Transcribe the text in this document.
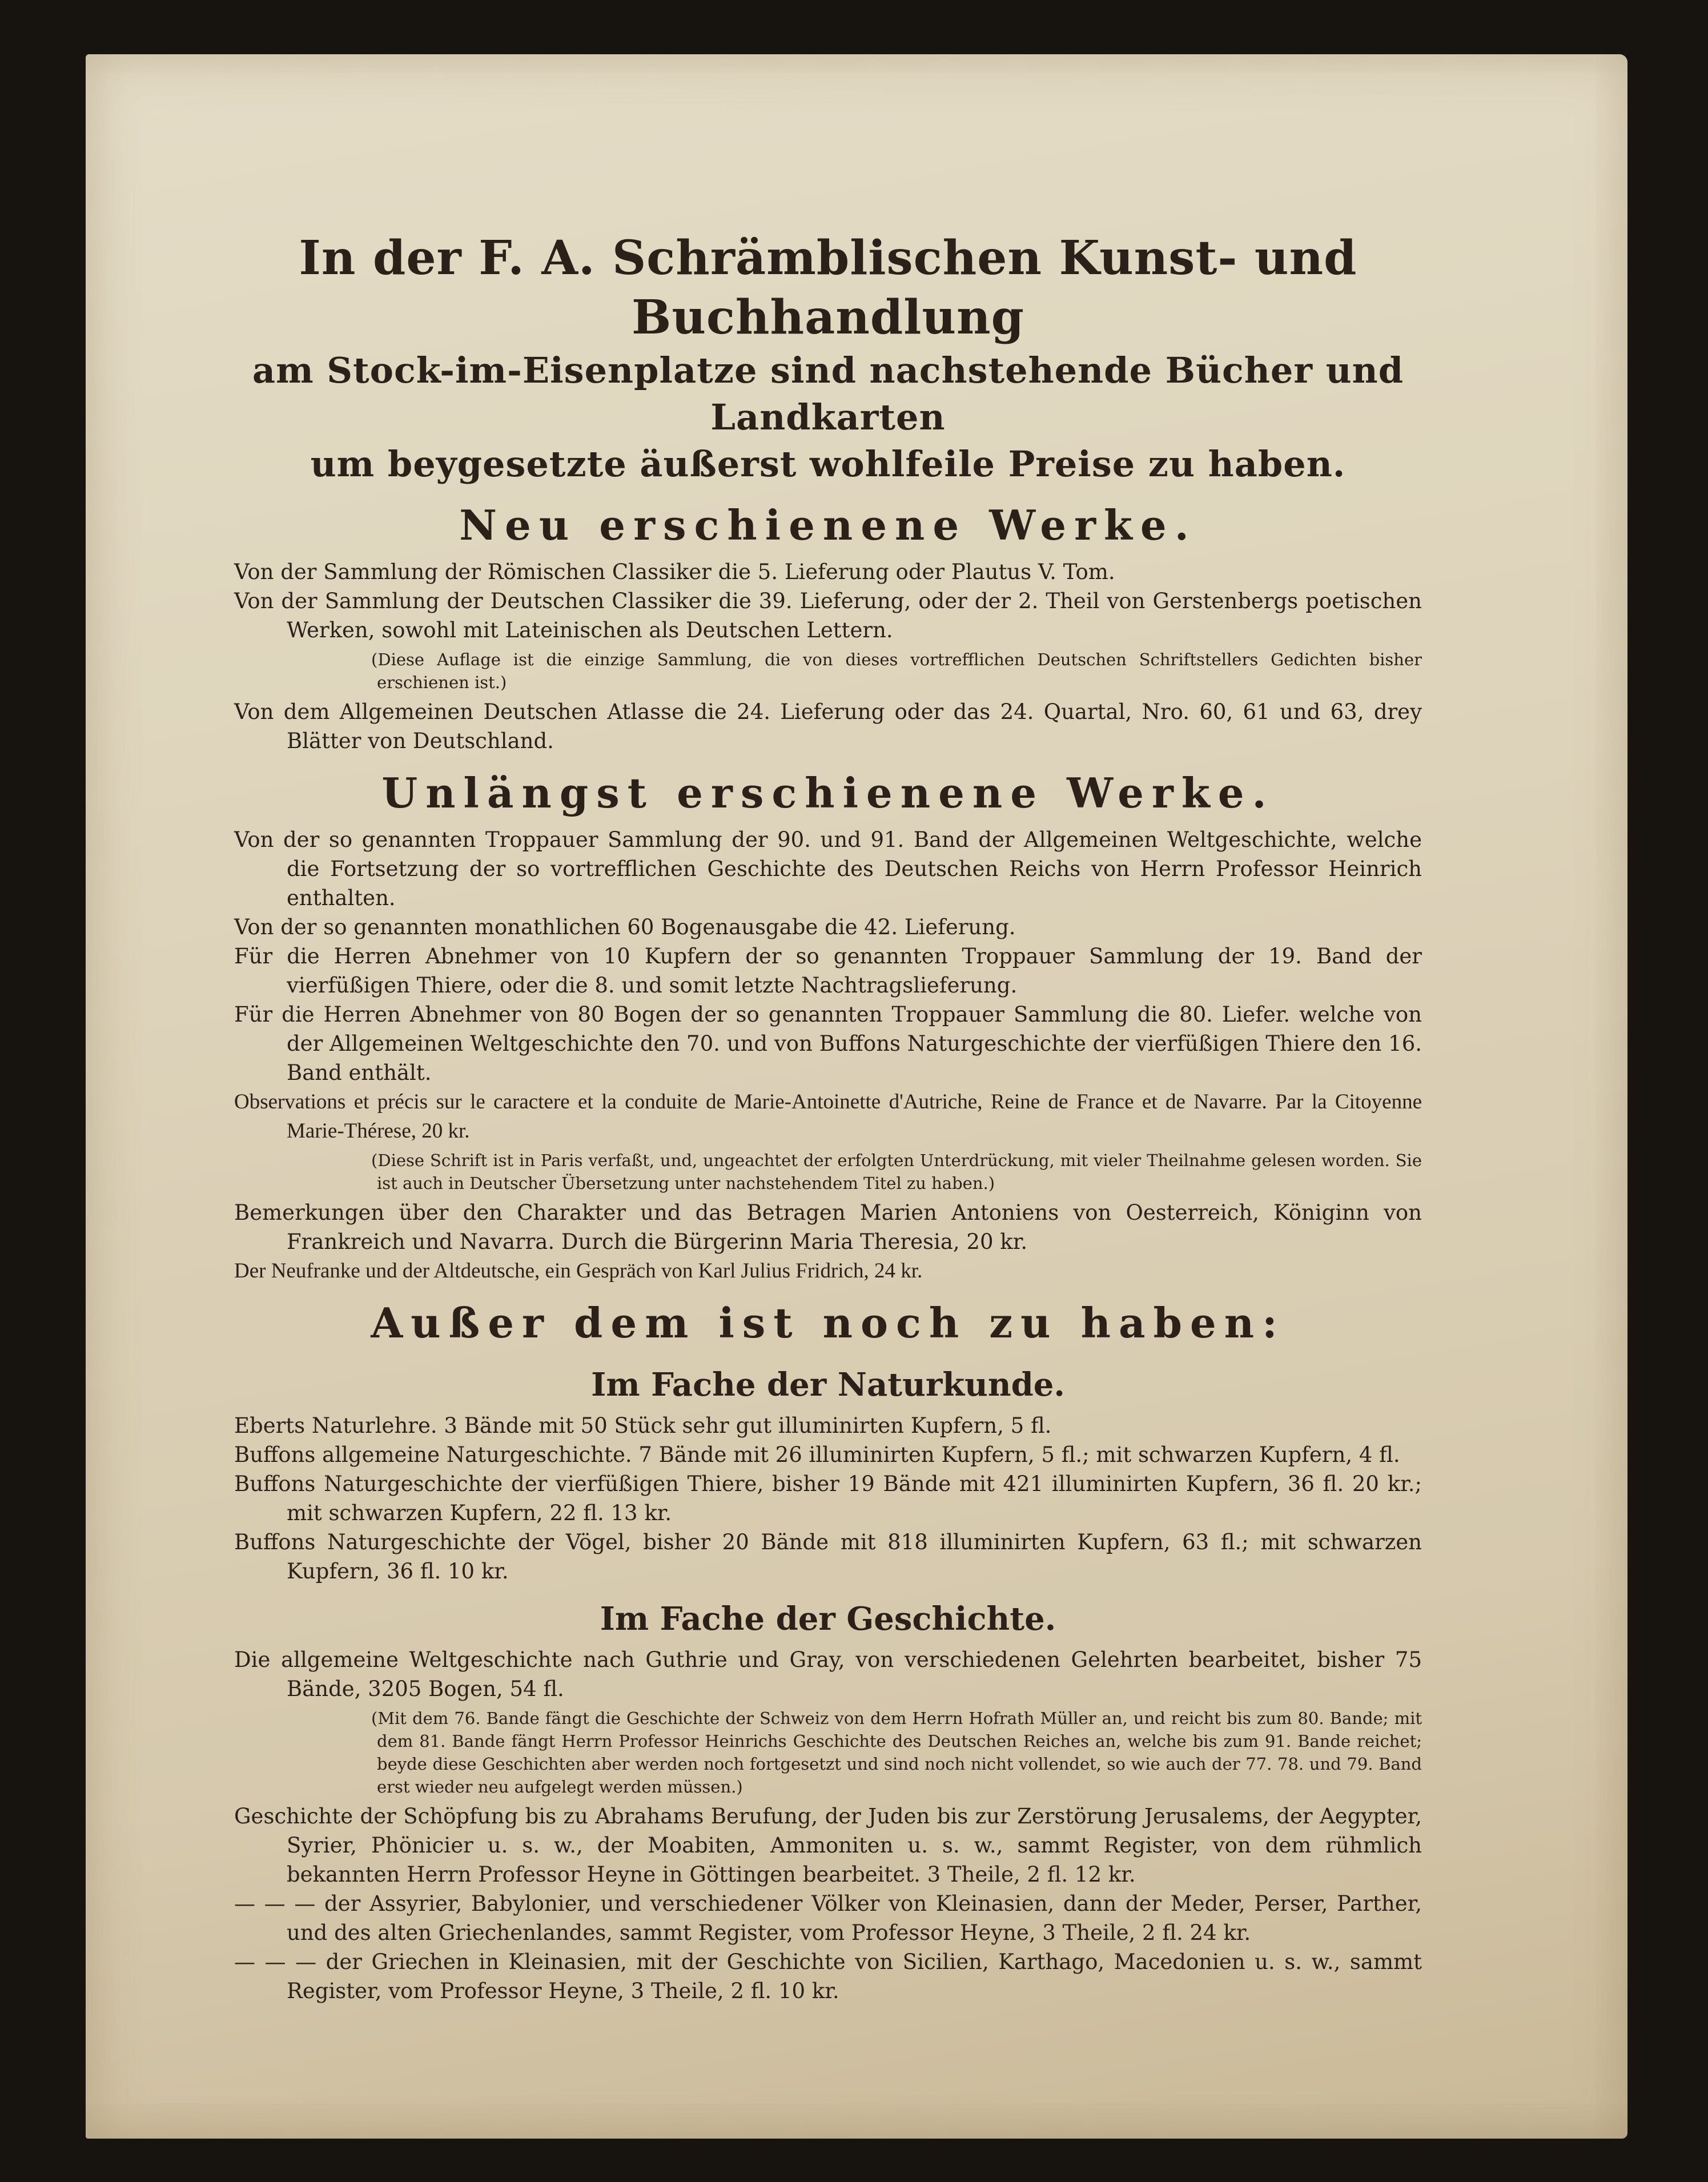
In der F. A. Schrämblischen Kunst- und Buchhandlung

am Stock-im-Eisenplatze sind nachstehende Bücher und Landkarten

um beygesetzte äußerst wohlfeile Preise zu haben.

Neu erschienene Werke.

Von der Sammlung der Römischen Classiker die 5. Lieferung oder Plautus V. Tom.

Von der Sammlung der Deutschen Classiker die 39. Lieferung, oder der 2. Theil von Gerstenbergs poetischen Werken, sowohl mit Lateinischen als Deutschen Lettern.

(Diese Auflage ist die einzige Sammlung, die von dieses vortrefflichen Deutschen Schriftstellers Gedichten bisher erschienen ist.)

Von dem Allgemeinen Deutschen Atlasse die 24. Lieferung oder das 24. Quartal, Nro. 60, 61 und 63, drey Blätter von Deutschland.

Unlängst erschienene Werke.

Von der so genannten Troppauer Sammlung der 90. und 91. Band der Allgemeinen Weltgeschichte, welche die Fortsetzung der so vortrefflichen Geschichte des Deutschen Reichs von Herrn Professor Heinrich enthalten.

Von der so genannten monathlichen 60 Bogenausgabe die 42. Lieferung.

Für die Herren Abnehmer von 10 Kupfern der so genannten Troppauer Sammlung der 19. Band der vierfüßigen Thiere, oder die 8. und somit letzte Nachtragslieferung.

Für die Herren Abnehmer von 80 Bogen der so genannten Troppauer Sammlung die 80. Liefer. welche von der Allgemeinen Weltgeschichte den 70. und von Buffons Naturgeschichte der vierfüßigen Thiere den 16. Band enthält.

Observations et précis sur le caractere et la conduite de Marie-Antoinette d'Autriche, Reine de France et de Navarre. Par la Citoyenne Marie-Thérese, 20 kr.

(Diese Schrift ist in Paris verfaßt, und, ungeachtet der erfolgten Unterdrückung, mit vieler Theilnahme gelesen worden. Sie ist auch in Deutscher Übersetzung unter nachstehendem Titel zu haben.)

Bemerkungen über den Charakter und das Betragen Marien Antoniens von Oesterreich, Königinn von Frankreich und Navarra. Durch die Bürgerinn Maria Theresia, 20 kr.

Der Neufranke und der Altdeutsche, ein Gespräch von Karl Julius Fridrich, 24 kr.

Außer dem ist noch zu haben:
Im Fache der Naturkunde.

Eberts Naturlehre. 3 Bände mit 50 Stück sehr gut illuminirten Kupfern, 5 fl.

Buffons allgemeine Naturgeschichte. 7 Bände mit 26 illuminirten Kupfern, 5 fl.; mit schwarzen Kupfern, 4 fl.

Buffons Naturgeschichte der vierfüßigen Thiere, bisher 19 Bände mit 421 illuminirten Kupfern, 36 fl. 20 kr.; mit schwarzen Kupfern, 22 fl. 13 kr.

Buffons Naturgeschichte der Vögel, bisher 20 Bände mit 818 illuminirten Kupfern, 63 fl.; mit schwarzen Kupfern, 36 fl. 10 kr.

Im Fache der Geschichte.

Die allgemeine Weltgeschichte nach Guthrie und Gray, von verschiedenen Gelehrten bearbeitet, bisher 75 Bände, 3205 Bogen, 54 fl.

(Mit dem 76. Bande fängt die Geschichte der Schweiz von dem Herrn Hofrath Müller an, und reicht bis zum 80. Bande; mit dem 81. Bande fängt Herrn Professor Heinrichs Geschichte des Deutschen Reiches an, welche bis zum 91. Bande reichet; beyde diese Geschichten aber werden noch fortgesetzt und sind noch nicht vollendet, so wie auch der 77. 78. und 79. Band erst wieder neu aufgelegt werden müssen.)

Geschichte der Schöpfung bis zu Abrahams Berufung, der Juden bis zur Zerstörung Jerusalems, der Aegypter, Syrier, Phönicier u. s. w., der Moabiten, Ammoniten u. s. w., sammt Register, von dem rühmlich bekannten Herrn Professor Heyne in Göttingen bearbeitet. 3 Theile, 2 fl. 12 kr.

— — — der Assyrier, Babylonier, und verschiedener Völker von Kleinasien, dann der Meder, Perser, Parther, und des alten Griechenlandes, sammt Register, vom Professor Heyne, 3 Theile, 2 fl. 24 kr.

— — — der Griechen in Kleinasien, mit der Geschichte von Sicilien, Karthago, Macedonien u. s. w., sammt Register, vom Professor Heyne, 3 Theile, 2 fl. 10 kr.
